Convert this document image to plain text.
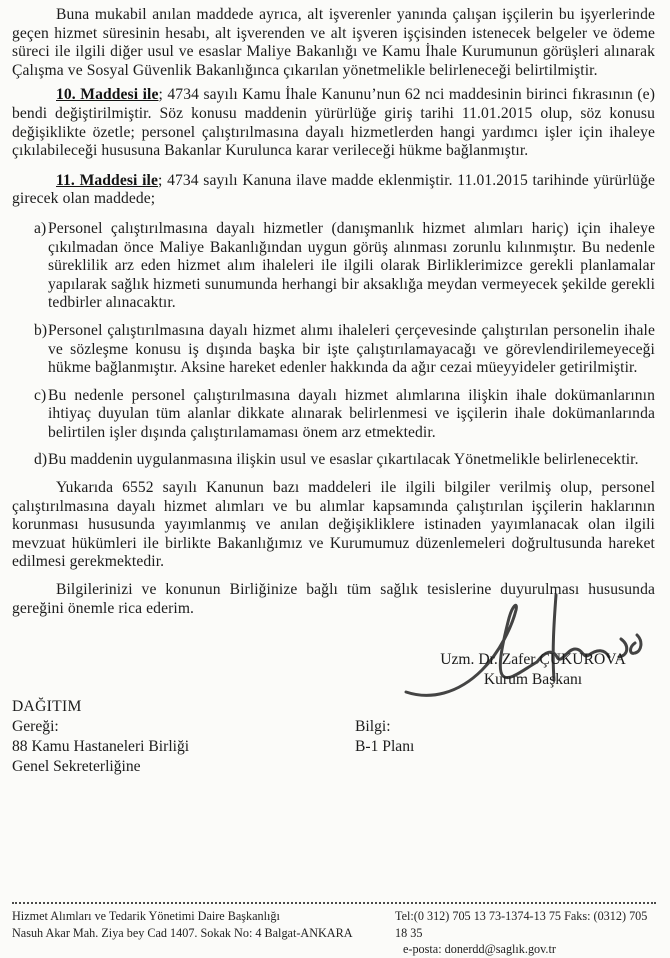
Buna mukabil anılan maddede ayrıca, alt işverenler yanında çalışan işçilerin bu işyerlerinde geçen hizmet süresinin hesabı, alt işverenden ve alt işveren işçisinden istenecek belgeler ve ödeme süreci ile ilgili diğer usul ve esaslar Maliye Bakanlığı ve Kamu İhale Kurumunun görüşleri alınarak Çalışma ve Sosyal Güvenlik Bakanlığınca çıkarılan yönetmelikle belirleneceği belirtilmiştir.

10. Maddesi ile; 4734 sayılı Kamu İhale Kanunu’nun 62 nci maddesinin birinci fıkrasının (e) bendi değiştirilmiştir. Söz konusu maddenin yürürlüğe giriş tarihi 11.01.2015 olup, söz konusu değişiklikte özetle; personel çalıştırılmasına dayalı hizmetlerden hangi yardımcı işler için ihaleye çıkılabileceği hususuna Bakanlar Kurulunca karar verileceği hükme bağlanmıştır.

11. Maddesi ile; 4734 sayılı Kanuna ilave madde eklenmiştir. 11.01.2015 tarihinde yürürlüğe girecek olan maddede;

a) Personel çalıştırılmasına dayalı hizmetler (danışmanlık hizmet alımları hariç) için ihaleye çıkılmadan önce Maliye Bakanlığından uygun görüş alınması zorunlu kılınmıştır. Bu nedenle süreklilik arz eden hizmet alım ihaleleri ile ilgili olarak Birliklerimizce gerekli planlamalar yapılarak sağlık hizmeti sunumunda herhangi bir aksaklığa meydan vermeyecek şekilde gerekli tedbirler alınacaktır.
b) Personel çalıştırılmasına dayalı hizmet alımı ihaleleri çerçevesinde çalıştırılan personelin ihale ve sözleşme konusu iş dışında başka bir işte çalıştırılamayacağı ve görevlendirilemeyeceği hükme bağlanmıştır. Aksine hareket edenler hakkında da ağır cezai müeyyideler getirilmiştir.
c) Bu nedenle personel çalıştırılmasına dayalı hizmet alımlarına ilişkin ihale dokümanlarının ihtiyaç duyulan tüm alanlar dikkate alınarak belirlenmesi ve işçilerin ihale dokümanlarında belirtilen işler dışında çalıştırılamaması önem arz etmektedir.
d) Bu maddenin uygulanmasına ilişkin usul ve esaslar çıkartılacak Yönetmelikle belirlenecektir.

Yukarıda 6552 sayılı Kanunun bazı maddeleri ile ilgili bilgiler verilmiş olup, personel çalıştırılmasına dayalı hizmet alımları ve bu alımlar kapsamında çalıştırılan işçilerin haklarının korunması hususunda yayımlanmış ve anılan değişikliklere istinaden yayımlanacak olan ilgili mevzuat hükümleri ile birlikte Bakanlığımız ve Kurumumuz düzenlemeleri doğrultusunda hareket edilmesi gerekmektedir.

Bilgilerinizi ve konunun Birliğinize bağlı tüm sağlık tesislerine duyurulması hususunda gereğini önemle rica ederim.

Uzm. Dr. Zafer ÇUKUROVA
Kurum Başkanı
DAĞITIM
Gereği:
88 Kamu Hastaneleri Birliği
Genel Sekreterliğine
Bilgi:
B-1 Planı
Hizmet Alımları ve Tedarik Yönetimi Daire Başkanlığı
Nasuh Akar Mah. Ziya bey Cad 1407. Sokak No: 4 Balgat-ANKARA
Tel:(0 312) 705 13 73-1374-13 75 Faks: (0312) 705 18 35
e-posta: donerdd@saglık.gov.tr
